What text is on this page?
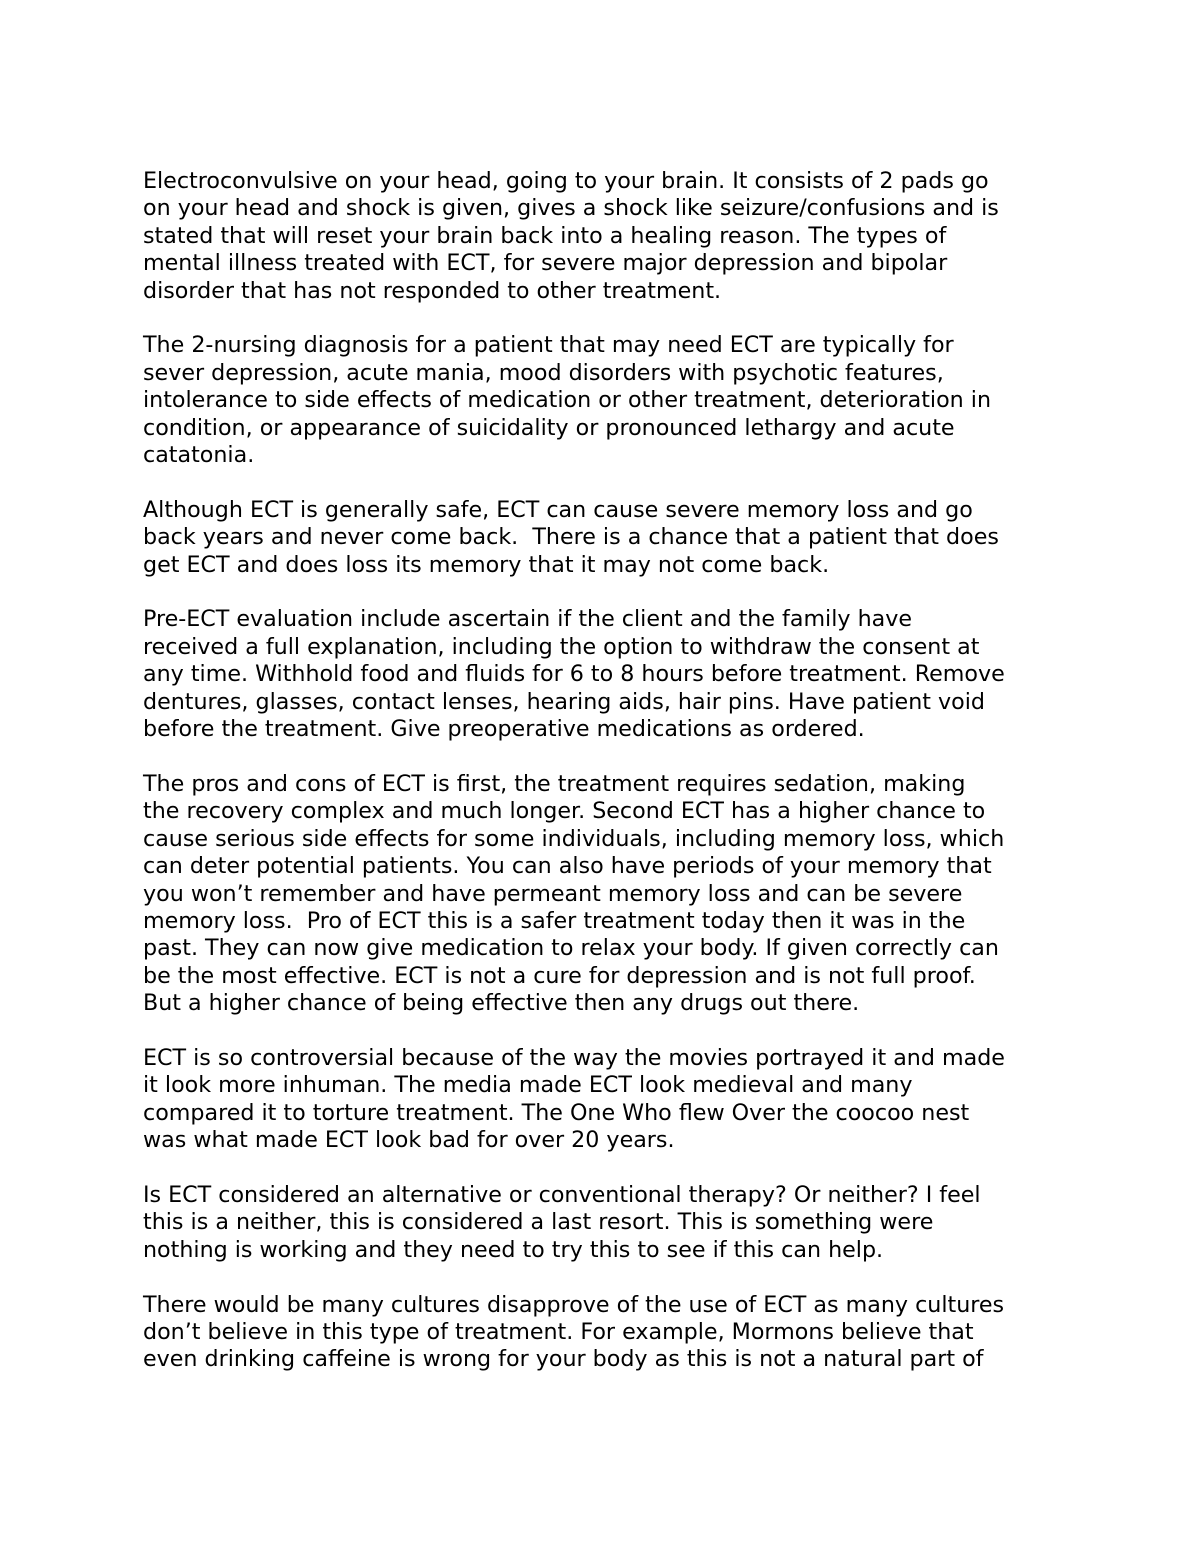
Electroconvulsive on your head, going to your brain. It consists of 2 pads go
on your head and shock is given, gives a shock like seizure/confusions and is
stated that will reset your brain back into a healing reason. The types of
mental illness treated with ECT, for severe major depression and bipolar
disorder that has not responded to other treatment.

The 2-nursing diagnosis for a patient that may need ECT are typically for
sever depression, acute mania, mood disorders with psychotic features,
intolerance to side effects of medication or other treatment, deterioration in
condition, or appearance of suicidality or pronounced lethargy and acute
catatonia.

Although ECT is generally safe, ECT can cause severe memory loss and go
back years and never come back.  There is a chance that a patient that does
get ECT and does loss its memory that it may not come back.

Pre-ECT evaluation include ascertain if the client and the family have
received a full explanation, including the option to withdraw the consent at
any time. Withhold food and fluids for 6 to 8 hours before treatment. Remove
dentures, glasses, contact lenses, hearing aids, hair pins. Have patient void
before the treatment. Give preoperative medications as ordered.

The pros and cons of ECT is first, the treatment requires sedation, making
the recovery complex and much longer. Second ECT has a higher chance to
cause serious side effects for some individuals, including memory loss, which
can deter potential patients. You can also have periods of your memory that
you won’t remember and have permeant memory loss and can be severe
memory loss.  Pro of ECT this is a safer treatment today then it was in the
past. They can now give medication to relax your body. If given correctly can
be the most effective. ECT is not a cure for depression and is not full proof.
But a higher chance of being effective then any drugs out there.

ECT is so controversial because of the way the movies portrayed it and made
it look more inhuman. The media made ECT look medieval and many
compared it to torture treatment. The One Who flew Over the coocoo nest
was what made ECT look bad for over 20 years.

Is ECT considered an alternative or conventional therapy? Or neither? I feel
this is a neither, this is considered a last resort. This is something were
nothing is working and they need to try this to see if this can help.

There would be many cultures disapprove of the use of ECT as many cultures
don’t believe in this type of treatment. For example, Mormons believe that
even drinking caffeine is wrong for your body as this is not a natural part of
